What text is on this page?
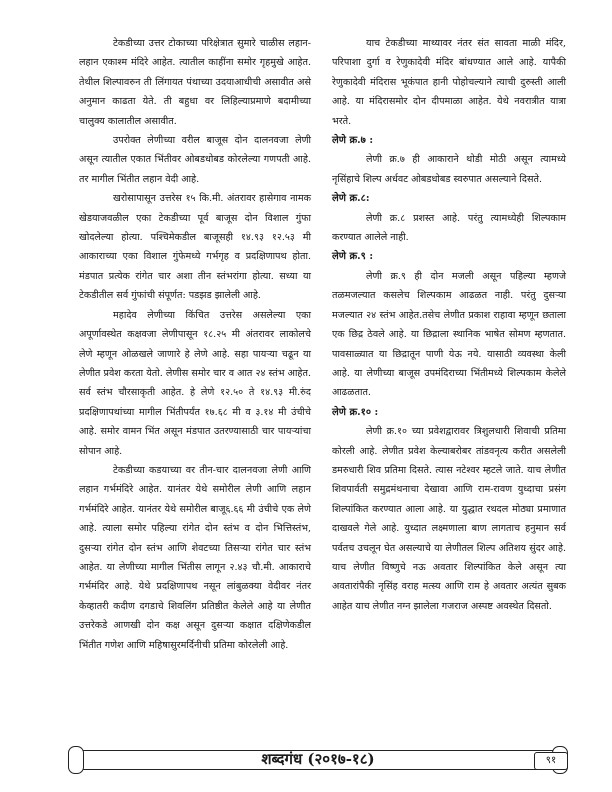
टेकडीच्या उत्तर टोकाच्या परिक्षेत्रात सुमारे चाळीस लहान-लहान एकाश्म मंदिरे आहेत. त्यातील काहींना समोर गृहमुखे आहेत. तेथील शिल्पावरुन ती लिंगायत पंथाच्या उदयाआधीची असावीत असे अनुमान काढता येते. ती बहुधा वर लिहिल्याप्रमाणे बदामीच्या चालुक्य कालातील असावीत.

उपरोक्त लेणीच्या वरील बाजूस दोन दालनवजा लेणी असून त्यातील एकात भिंतीवर ओबडधोबड कोरलेल्या गणपती आहे. तर मागील भिंतीत लहान वेदी आहे.

खरोसापासून उत्तरेस १५ कि.मी. अंतरावर हासेगाव नामक खेडयाजवळील एका टेकडीच्या पूर्व बाजूस दोन विशाल गुंफा खोदलेल्या होत्या. पश्चिमेकडील बाजूसही १४.९३ १२.५३ मी आकाराच्या एका विशाल गुंफेमध्ये गर्भगृह व प्रदक्षिणापथ होता. मंडपात प्रत्येक रांगेत चार अशा तीन स्तंभरांगा होत्या. सध्या या टेकडीतील सर्व गुंफांची संपूर्णत: पडझड झालेली आहे.

महादेव लेणीच्या किंचित उत्तरेस असलेल्या एका अपूर्णावस्थेत कक्षवजा लेणीपासून १८.२५ मी अंतरावर लाकोलचे लेणे म्हणून ओळखले जाणारे हे लेणे आहे. सहा पायऱ्या चढून या लेणीत प्रवेश करता येतो. लेणीस समोर चार व आत २४ स्तंभ आहेत. सर्व स्तंभ चौरसाकृती आहेत. हे लेणे १२.५० ते १४.९३ मी.रुंद प्रदक्षिणापथांच्या मागील भिंतीपर्यंत १७.६८ मी व ३.१४ मी उंचीचे आहे. समोर वामन भिंत असून मंडपात उतरण्यासाठी चार पायऱ्यांचा सोपान आहे.

टेकडीच्या कडयाच्या वर तीन-चार दालनवजा लेणी आणि लहान गर्भमंदिरे आहेत. यानंतर येथे समोरील लेणी आणि लहान गर्भमंदिरे आहेत. यानंतर येथे समोरील बाजू६.६६ मी उंचीचे एक लेणे आहे. त्याला समोर पहिल्या रांगेत दोन स्तंभ व दोन भित्तिस्तंभ, दुसऱ्या रांगेत दोन स्तंभ आणि शेवटच्या तिसऱ्या रांगेत चार स्तंभ आहेत. या लेणीच्या मागील भिंतीस लागून २.४३ चौ.मी. आकाराचे गर्भमंदिर आहे. येथे प्रदक्षिणापथ नसून लांबुळक्या वेदीवर नंतर केव्हातरी कदीण दगडाचे शिवलिंग प्रतिष्ठीत केलेले आहे या लेणीत उत्तरेकडे आणखी दोन कक्ष असून दुसऱ्या कक्षात दक्षिणेकडील भिंतीत गणेश आणि महिषासुरमर्दिनीची प्रतिमा कोरलेली आहे.

याच टेकडीच्या माथ्यावर नंतर संत सावता माळी मंदिर, परिपाशा दुर्गा व रेणुकादेवी मंदिर बांधण्यात आले आहे. यापैकी रेणुकादेवी मंदिरास भूकंपात हानी पोहोचल्याने त्याची दुरुस्ती आली आहे. या मंदिरासमोर दोन दीपमाळा आहेत. येथे नवरात्रीत यात्रा भरते.

लेणे क्र.७ :

लेणी क्र.७ ही आकाराने थोडी मोठी असून त्यामध्ये नृसिंहाचे शिल्प अर्धवट ओबडधोबड स्वरुपात असल्याने दिसते.

लेणे क्र.८:

लेणी क्र.८ प्रशस्त आहे. परंतु त्यामध्येही शिल्पकाम करण्यात आलेले नाही.

लेणे क्र.९ :

लेणी क्र.९ ही दोन मजली असून पहिल्या म्हणजे तळमजल्यात कसलेच शिल्पकाम आढळत नाही. परंतु दुसऱ्या मजल्यात २४ स्तंभ आहेत.तसेच लेणीत प्रकाश राहावा म्हणून छताला एक छिद्र ठेवले आहे. या छिद्राला स्थानिक भाषेत सोमण म्हणतात. पावसाळ्यात या छिद्रातून पाणी येऊ नये. यासाठी व्यवस्था केली आहे. या लेणीच्या बाजूस उपमंदिराच्या भिंतीमध्ये शिल्पकाम केलेले आढळतात.

लेणे क्र.१० :

लेणी क्र.१० च्या प्रवेशद्वारावर त्रिशुलधारी शिवाची प्रतिमा कोरली आहे. लेणीत प्रवेश केल्याबरोबर तांडवनृत्य करीत असलेली डमरुधारी शिव प्रतिमा दिसते. त्यास नटेश्वर म्हटले जाते. याच लेणीत शिवपार्वती समुद्रमंथनाचा देखावा आणि राम-रावण युध्दाचा प्रसंग शिल्पांकित करण्यात आला आहे. या युद्धात रथदल मोठ्या प्रमाणात दाखवले गेले आहे. युध्दात लक्ष्मणाला बाण लागताच हनुमान सर्व पर्वतच उचलून घेत असल्याचे या लेणीतल शिल्प अतिशय सुंदर आहे. याच लेणीत विष्णुचे नऊ अवतार शिल्पांकित केले असून त्या अवतारांपैकी नृसिंह वराह मत्स्य आणि राम हे अवतार अत्यंत सुबक आहेत याच लेणीत नग्न झालेला गजराज अस्पष्ट अवस्थेत दिसतो.

शब्दगंध (२०१७-१८)	९१
